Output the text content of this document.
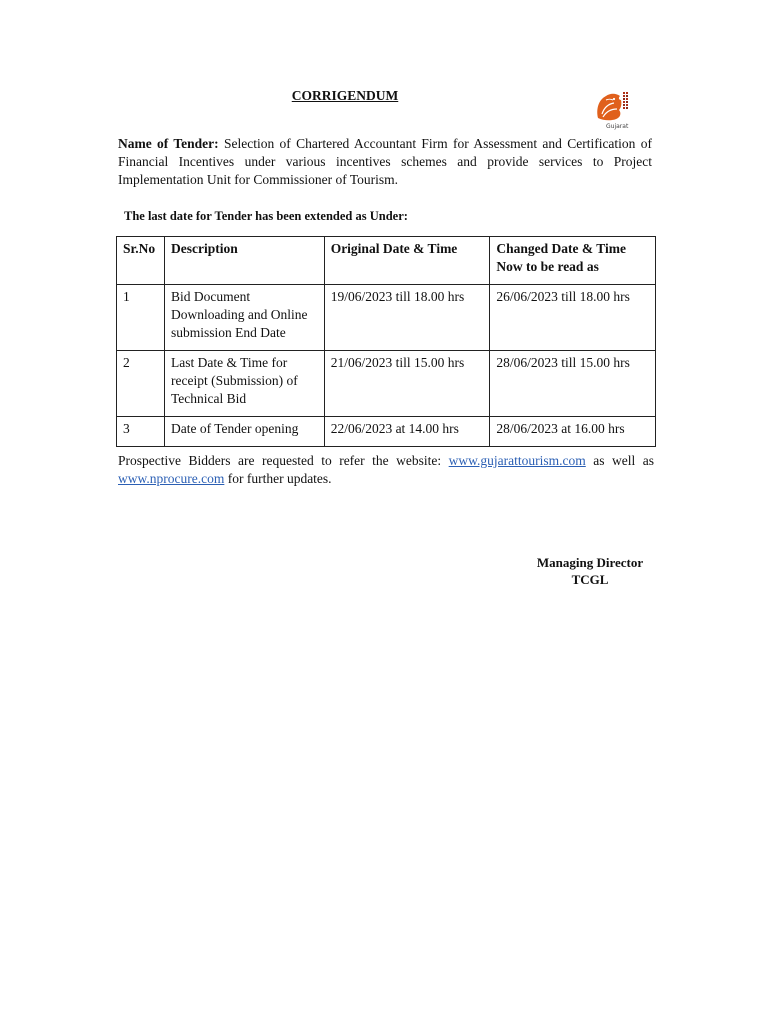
CORRIGENDUM
Gujarat
Name of Tender: Selection of Chartered Accountant Firm for Assessment and Certification of Financial Incentives under various incentives schemes and provide services to Project Implementation Unit for Commissioner of Tourism.
The last date for Tender has been extended as Under:
Sr.No	Description	Original Date & Time	Changed Date & Time
Now to be read as
1	Bid Document Downloading and Online submission End Date	19/06/2023 till 18.00 hrs	26/06/2023 till 18.00 hrs
2	Last Date & Time for receipt (Submission) of Technical Bid	21/06/2023 till 15.00 hrs	28/06/2023 till 15.00 hrs
3	Date of Tender opening	22/06/2023 at 14.00 hrs	28/06/2023 at 16.00 hrs
Prospective Bidders are requested to refer the website: www.gujarattourism.com as well as www.nprocure.com for further updates.
Managing Director
TCGL
